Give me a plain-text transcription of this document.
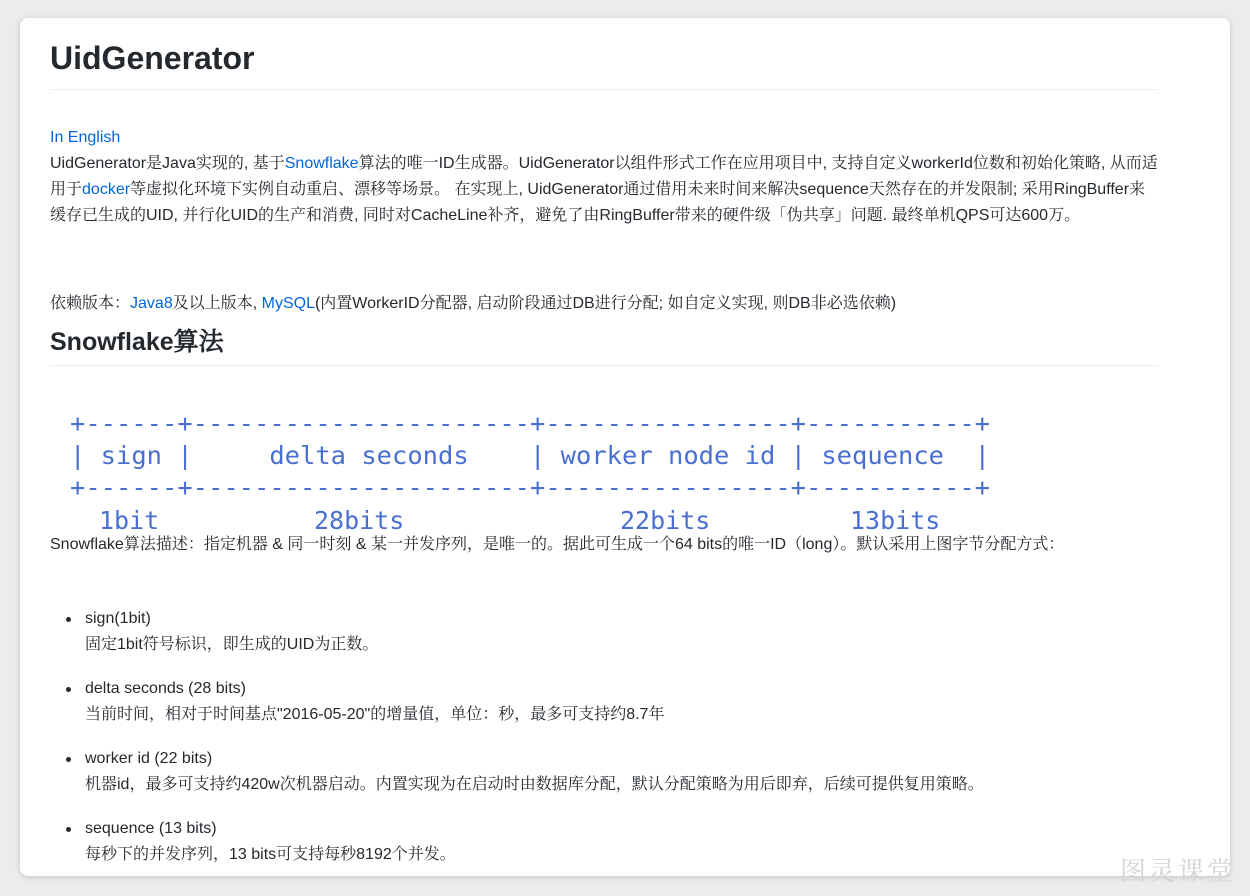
UidGenerator
In English
UidGenerator是Java实现的, 基于Snowflake算法的唯一ID生成器。UidGenerator以组件形式工作在应用项目中, 支持自定义workerId位数和初始化策略, 从而适用于docker等虚拟化环境下实例自动重启、漂移等场景。 在实现上, UidGenerator通过借用未来时间来解决sequence天然存在的并发限制; 采用RingBuffer来缓存已生成的UID, 并行化UID的生产和消费, 同时对CacheLine补齐，避免了由RingBuffer带来的硬件级「伪共享」问题. 最终单机QPS可达600万。
依赖版本：Java8及以上版本, MySQL(内置WorkerID分配器, 启动阶段通过DB进行分配; 如自定义实现, 则DB非必选依赖)
Snowflake算法
+------+----------------------+----------------+-----------+
| sign |     delta seconds    | worker node id | sequence  |
+------+----------------------+----------------+-----------+
1bit	28bits	22bits	13bits
Snowflake算法描述：指定机器 & 同一时刻 & 某一并发序列，是唯一的。据此可生成一个64 bits的唯一ID（long）。默认采用上图字节分配方式：
sign(1bit)
固定1bit符号标识，即生成的UID为正数。
delta seconds (28 bits)
当前时间，相对于时间基点"2016-05-20"的增量值，单位：秒，最多可支持约8.7年
worker id (22 bits)
机器id，最多可支持约420w次机器启动。内置实现为在启动时由数据库分配，默认分配策略为用后即弃，后续可提供复用策略。
sequence (13 bits)
每秒下的并发序列，13 bits可支持每秒8192个并发。
图灵课堂
